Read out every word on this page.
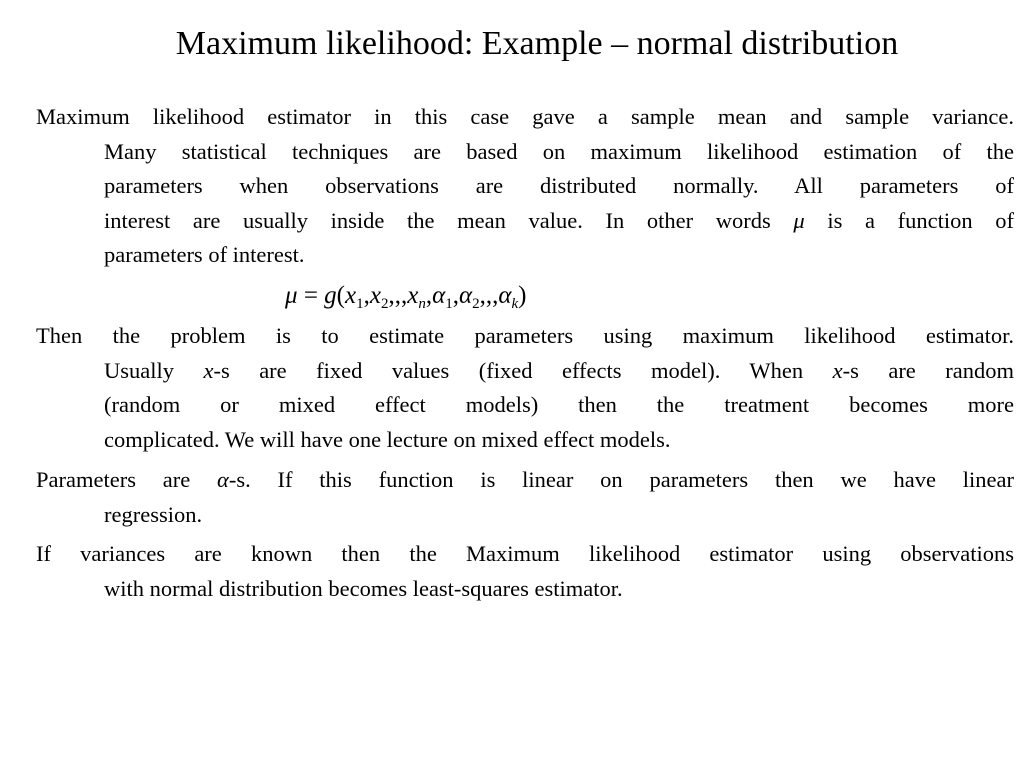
Maximum likelihood: Example – normal distribution
Maximum likelihood estimator in this case gave a sample mean and sample variance.
Many statistical techniques are based on maximum likelihood estimation of the
parameters when observations are distributed normally. All parameters of
interest are usually inside the mean value. In other words μ is a function of
parameters of interest.
$\mu = g(x_1,x_2,,,x_n,\alpha_1,\alpha_2,,,\alpha_k)$
Then the problem is to estimate parameters using maximum likelihood estimator.
Usually x-s are fixed values (fixed effects model). When x-s are random
(random or mixed effect models) then the treatment becomes more
complicated. We will have one lecture on mixed effect models.
Parameters are α-s. If this function is linear on parameters then we have linear
regression.
If variances are known then the Maximum likelihood estimator using observations
with normal distribution becomes least-squares estimator.
